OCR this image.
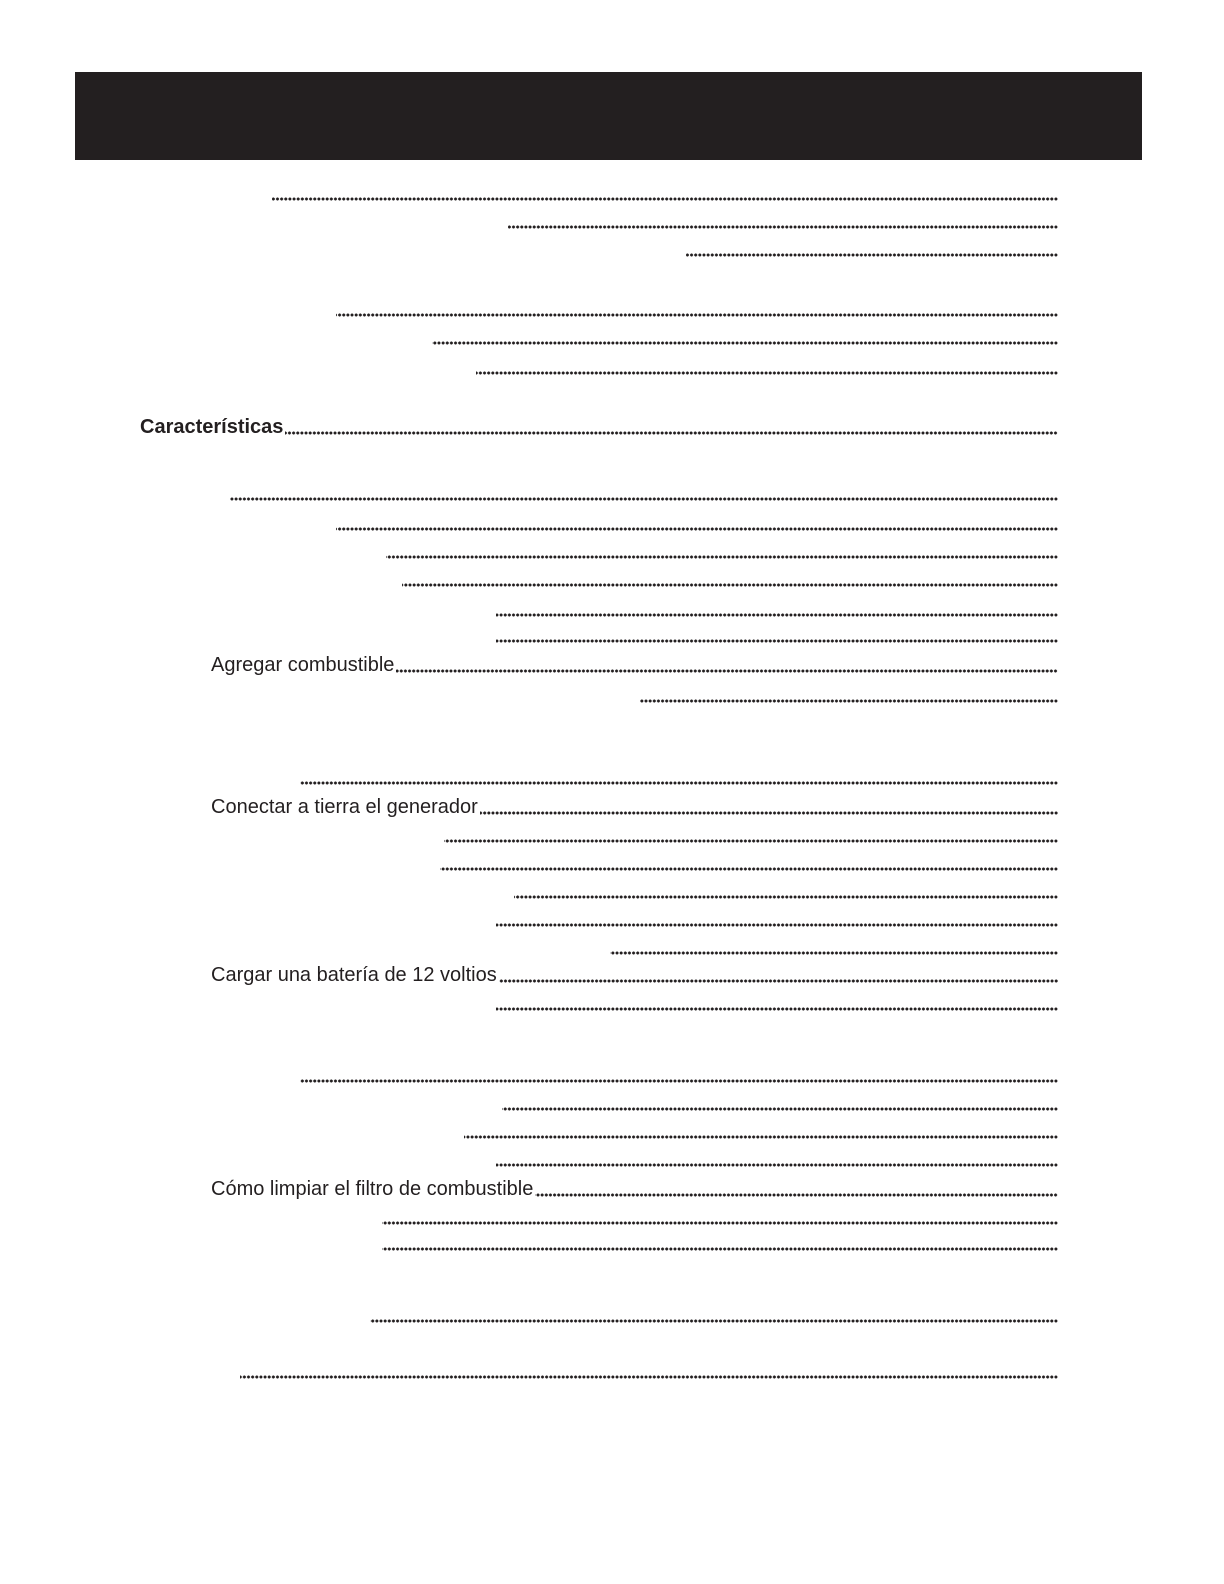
Características
Agregar combustible
Conectar a tierra el generador
Cargar una batería de 12 voltios
Cómo limpiar el filtro de combustible
